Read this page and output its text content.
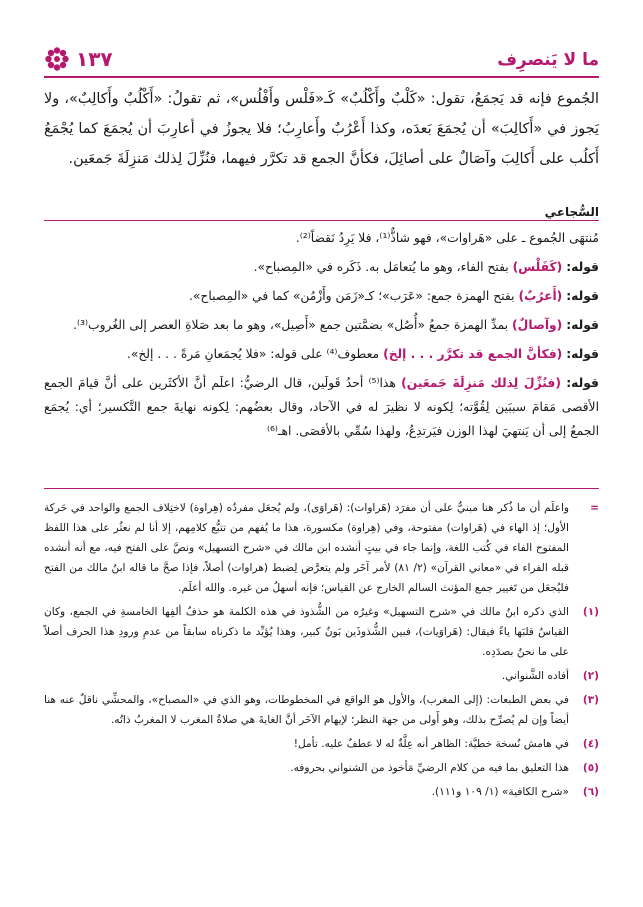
ما لا يَنصرِف
١٣٧

الجُموع فإنه قد يَجمَعُ، تقول: «كَلْبٌ وأَكْلُبٌ» كَـ«فَلْس وأَفْلُس»، ثم تقولُ: «أَكْلُبٌ وأَكالِبٌ»، ولا يَجوز في «أَكالِبَ» أن يُجمَعَ بَعدَه، وكذا أَعْرُبٌ وأَعارِبُ؛ فلا يجوزُ في أعارِبَ أن يُجمَعَ كما يُجْمَعُ أَكلُب على أَكالِبَ وآصَالٌ على أصائِلَ، فكأنَّ الجمع قد تكرَّر فيهما، فنُزِّلَ لِذلك مَنزِلَةَ جَمعَين.

السُّجاعي

مُنتهَى الجُموع ـ على «هَراوات»، فهو شاذٌّ⁽¹⁾، فلا يَرِدُ نَقضاً⁽²⁾.

قوله: (كَفَلْس) بفتح الفاء، وهو ما يُتعامَل به. ذَكَره في «المِصباح».

قوله: (أَعرُبٌ) بفتح الهمزة جمع: «عَرَب»؛ كـ«زَمَن وأَزْمُن» كما في «المِصباح».

قوله: (وآصالٌ) بمدِّ الهمزة جمعُ «أُصُل» بضمَّتين جمع «أَصِيل»، وهو ما بعد صَلاةِ العصر إلى الغُروب⁽³⁾.

قوله: (فكأنَّ الجمع قد تكرَّر . . . إلخ) معطوف⁽⁴⁾ على قوله: «فلا يُجمَعانِ مَرةً . . . إلخ».

قوله: (فنُزِّلَ لِذلك مَنزِلَةَ جَمعَين) هذا⁽⁵⁾ أحدُ قَولَين، قال الرضيُّ: اعلَم أنَّ الأكثَرين على أنَّ قيامَ الجمع الأقصى مَقامَ سببَين لِقُوَّته؛ لِكونه لا نظيرَ له في الآحاد، وقال بعضُهم: لِكونه نهايةَ جمع التَّكسير؛ أي: يُجمَع الجمعُ إلى أن يَنتهيَ لهذا الوزن فيَرتدِعُ، ولهذا سُمِّي بالأقصَى. اهـ⁽⁶⁾

=
واعلَم أن ما ذُكر هنا مبنيٌّ على أن مفرَد (هَراوات): (هَراوَى)، ولم يُجعَل مفردُه (هِراوة) لاختِلاف الجمع والواحد في حَركة الأول؛ إذ الهاء في (هَراوات) مفتوحة، وفي (هِراوة) مكسورة، هذا ما يُفهم من تتبُّع كلامِهم، إلا أنا لم نعثُر على هذا اللفظ المفتوح الفاء في كُتب اللغة، وإنما جاء في بيتٍ أنشده ابن مالك في «شرح التسهيل» ونصَّ على الفتح فيه، مع أنه أنشده قبله الفراء في «معاني القرآن» (٢/ ٨١) لأمر آخَر ولم يتعرَّض لِضبط (هراوات) أصلاً، فإذا صحَّ ما قاله ابنُ مالك من الفتح فليُجعَل من تَغيير جمع المؤنث السالم الخارج عن القياس؛ فإنه أسهلُ من غيره. والله أعلَم.
(١)
الذي ذكره ابنُ مالك في «شرح التسهيل» وغيرُه من الشُّذوذ في هذه الكلمة هو حذفُ ألفِها الخامسةِ في الجمع، وكان القياسُ قلبَها ياءً فيقال: (هَراوَيات)، فبين الشُّذوذَين بَونٌ كبير، وهذا يُؤيِّد ما ذكرناه سابقاً من عدمِ ورودِ هذا الحرف أصلاً على ما نحنُ بصدَدِه.
(٢)
أفاده الشَّنواني.
(٣)
في بعض الطبعات: (إلى المغرب)، والأول هو الواقع في المخطوطات، وهو الذي في «المصباح»، والمحشِّي ناقلٌ عنه هنا أيضاً وإن لم يُصرِّح بذلك، وهو أَولى من جهة النظر؛ لإيهام الآخَر أنَّ الغايةَ هي صلاةُ المغرب لا المغربُ ذاتُه.
(٤)
في هامش نُسخة خطيَّة: الظاهر أنه عِلَّةٌ له لا عطفٌ عليه. تأمل!
(٥)
هذا التعليق بما فيه من كلام الرضيِّ مَأخوذ من الشنواني بحروفه.
(٦)
«شرح الكافية» (١/ ١٠٩ و١١١).
